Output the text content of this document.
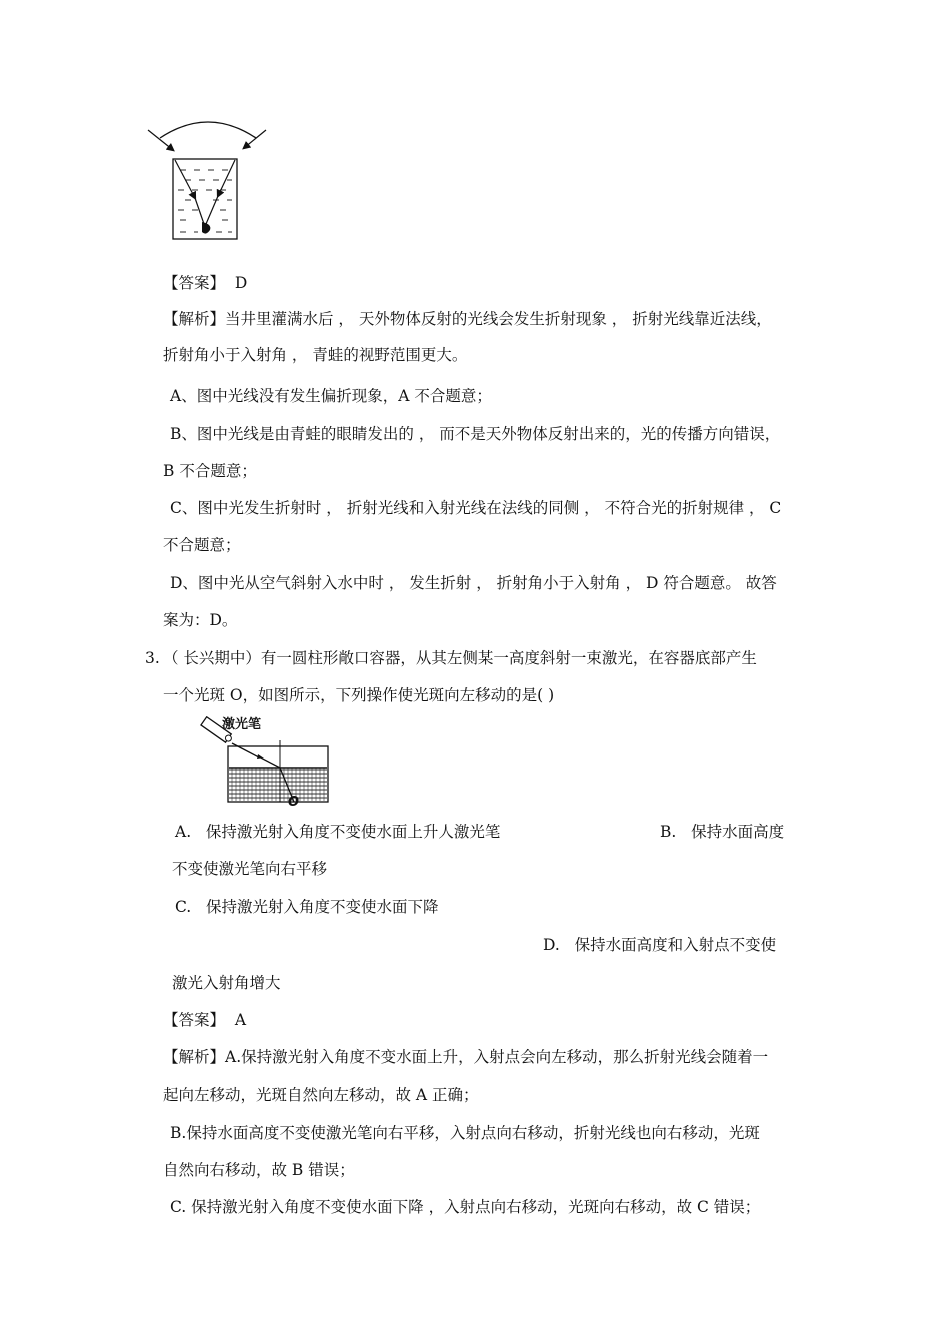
【答案】 D
【解析】当井里灌满水后 ， 天外物体反射的光线会发生折射现象 ， 折射光线靠近法线，
折射角小于入射角 ， 青蛙的视野范围更大。
A、图中光线没有发生偏折现象，A 不合题意；
B、图中光线是由青蛙的眼睛发出的 ， 而不是天外物体反射出来的，光的传播方向错误，
B 不合题意；
C、图中光发生折射时 ， 折射光线和入射光线在法线的同侧 ， 不符合光的折射规律 ， C
不合题意；
D、图中光从空气斜射入水中时 ， 发生折射 ， 折射角小于入射角 ， D 符合题意。 故答
案为：D。
3. （ 长兴期中）有一圆柱形敞口容器，从其左侧某一高度斜射一束激光，在容器底部产生
一个光斑 O，如图所示，下列操作使光斑向左移动的是( )
激光笔
O
A. 保持激光射入角度不变使水面上升人激光笔	B. 保持水面高度
不变使激光笔向右平移
C. 保持激光射入角度不变使水面下降
D. 保持水面高度和入射点不变使
激光入射角增大
【答案】 A
【解析】A.保持激光射入角度不变水面上升，入射点会向左移动，那么折射光线会随着一
起向左移动，光斑自然向左移动，故 A 正确；
B.保持水面高度不变使激光笔向右平移，入射点向右移动，折射光线也向右移动，光斑
自然向右移动，故 B 错误；
C. 保持激光射入角度不变使水面下降 ，入射点向右移动，光斑向右移动，故 C 错误；
